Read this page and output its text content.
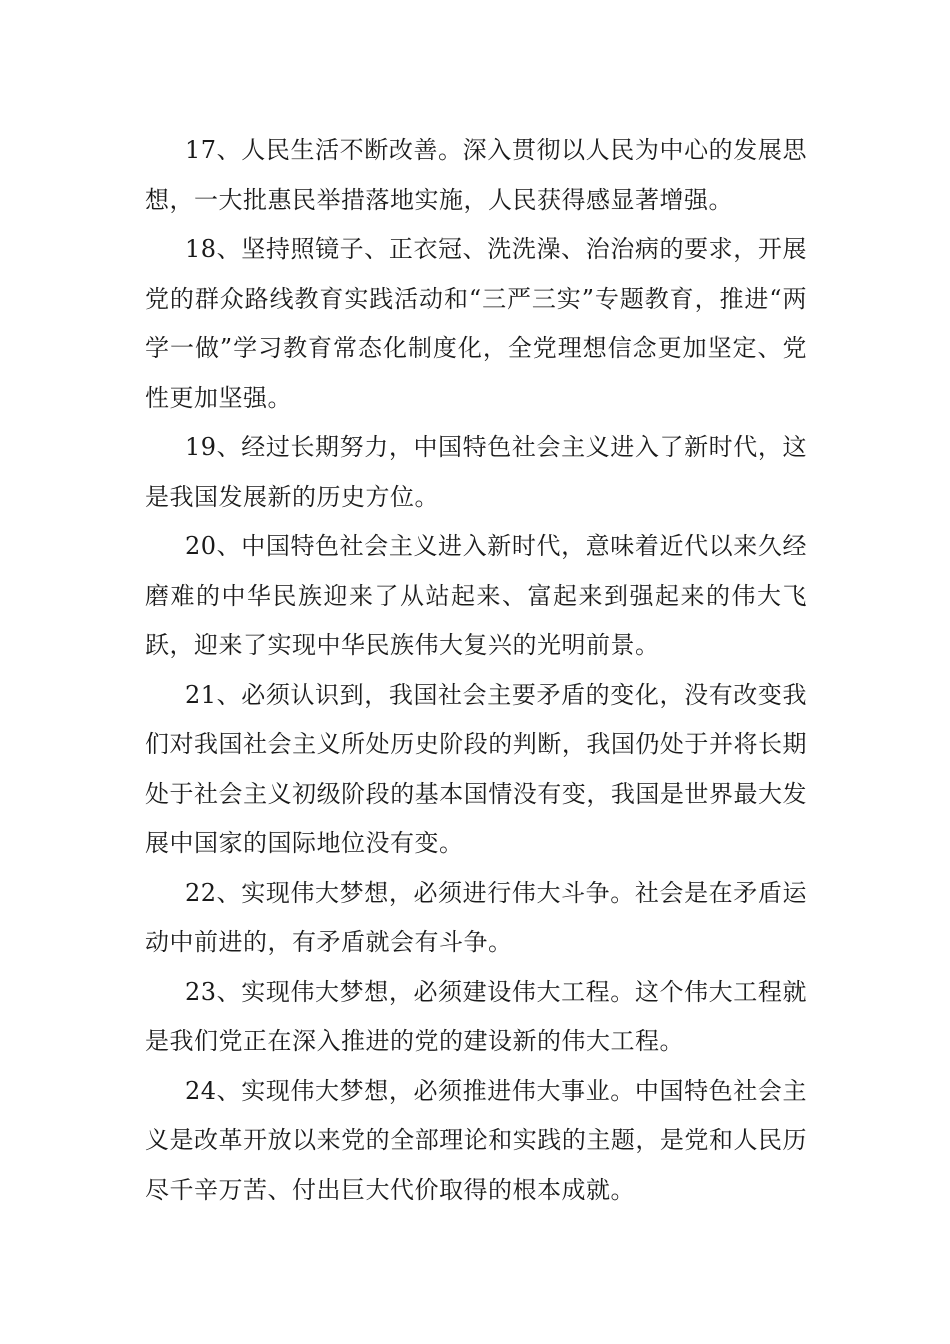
17、人民生活不断改善。深入贯彻以人民为中心的发展思想，一大批惠民举措落地实施，人民获得感显著增强。

18、坚持照镜子、正衣冠、洗洗澡、治治病的要求，开展党的群众路线教育实践活动和“三严三实”专题教育，推进“两学一做”学习教育常态化制度化，全党理想信念更加坚定、党性更加坚强。

19、经过长期努力，中国特色社会主义进入了新时代，这是我国发展新的历史方位。

20、中国特色社会主义进入新时代，意味着近代以来久经磨难的中华民族迎来了从站起来、富起来到强起来的伟大飞跃，迎来了实现中华民族伟大复兴的光明前景。

21、必须认识到，我国社会主要矛盾的变化，没有改变我们对我国社会主义所处历史阶段的判断，我国仍处于并将长期处于社会主义初级阶段的基本国情没有变，我国是世界最大发展中国家的国际地位没有变。

22、实现伟大梦想，必须进行伟大斗争。社会是在矛盾运动中前进的，有矛盾就会有斗争。

23、实现伟大梦想，必须建设伟大工程。这个伟大工程就是我们党正在深入推进的党的建设新的伟大工程。

24、实现伟大梦想，必须推进伟大事业。中国特色社会主义是改革开放以来党的全部理论和实践的主题，是党和人民历尽千辛万苦、付出巨大代价取得的根本成就。
